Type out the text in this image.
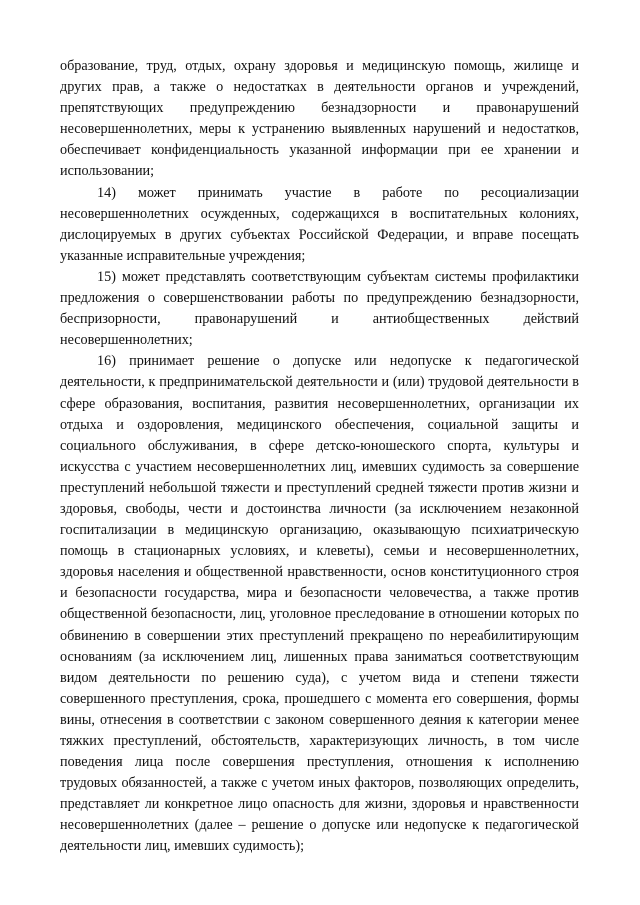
образование, труд, отдых, охрану здоровья и медицинскую помощь, жилище и других прав, а также о недостатках в деятельности органов и учреждений, препятствующих предупреждению безнадзорности и правонарушений несовершеннолетних, меры к устранению выявленных нарушений и недостатков, обеспечивает конфиденциальность указанной информации при ее хранении и использовании;

14) может принимать участие в работе по ресоциализации несовершеннолетних осужденных, содержащихся в воспитательных колониях, дислоцируемых в других субъектах Российской Федерации, и вправе посещать указанные исправительные учреждения;

15) может представлять соответствующим субъектам системы профилактики предложения о совершенствовании работы по предупреждению безнадзорности, беспризорности, правонарушений и антиобщественных действий несовершеннолетних;

16) принимает решение о допуске или недопуске к педагогической деятельности, к предпринимательской деятельности и (или) трудовой деятельности в сфере образования, воспитания, развития несовершеннолетних, организации их отдыха и оздоровления, медицинского обеспечения, социальной защиты и социального обслуживания, в сфере детско-юношеского спорта, культуры и искусства с участием несовершеннолетних лиц, имевших судимость за совершение преступлений небольшой тяжести и преступлений средней тяжести против жизни и здоровья, свободы, чести и достоинства личности (за исключением незаконной госпитализации в медицинскую организацию, оказывающую психиатрическую помощь в стационарных условиях, и клеветы), семьи и несовершеннолетних, здоровья населения и общественной нравственности, основ конституционного строя и безопасности государства, мира и безопасности человечества, а также против общественной безопасности, лиц, уголовное преследование в отношении которых по обвинению в совершении этих преступлений прекращено по нереабилитирующим основаниям (за исключением лиц, лишенных права заниматься соответствующим видом деятельности по решению суда), с учетом вида и степени тяжести совершенного преступления, срока, прошедшего с момента его совершения, формы вины, отнесения в соответствии с законом совершенного деяния к категории менее тяжких преступлений, обстоятельств, характеризующих личность, в том числе поведения лица после совершения преступления, отношения к исполнению трудовых обязанностей, а также с учетом иных факторов, позволяющих определить, представляет ли конкретное лицо опасность для жизни, здоровья и нравственности несовершеннолетних (далее – решение о допуске или недопуске к педагогической деятельности лиц, имевших судимость);
